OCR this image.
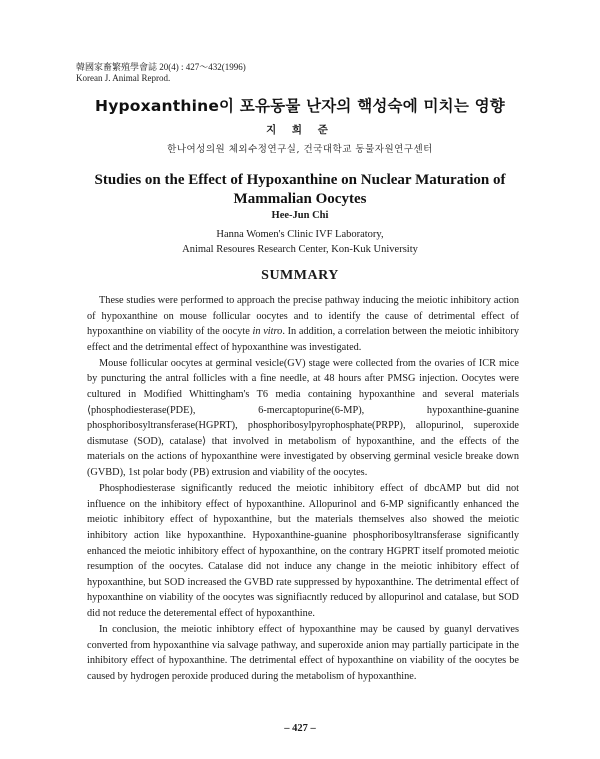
韓國家畜繁殖學會誌 20(4) : 427～432(1996)
Korean J. Animal Reprod.
Hypoxanthine이 포유동물 난자의 핵성숙에 미치는 영향
지 희 준
한나여성의원 체외수정연구실, 건국대학교 동물자원연구센터
Studies on the Effect of Hypoxanthine on Nuclear Maturation of Mammalian Oocytes
Hee-Jun Chi
Hanna Women's Clinic IVF Laboratory,
Animal Resoures Research Center, Kon-Kuk University
SUMMARY

These studies were performed to approach the precise pathway inducing the meiotic inhibitory action of hypoxanthine on mouse follicular oocytes and to identify the cause of detrimental effect of hypoxanthine on viability of the oocyte in vitro. In addition, a correlation between the meiotic inhibitory effect and the detrimental effect of hypoxanthine was investigated.

Mouse follicular oocytes at germinal vesicle(GV) stage were collected from the ovaries of ICR mice by puncturing the antral follicles with a fine needle, at 48 hours after PMSG injection. Oocytes were cultured in Modified Whittingham's T6 media containing hypoxanthine and several materials ⟨phosphodiesterase(PDE), 6-mercaptopurine(6-MP), hypoxanthine-guanine phosphoribosyltransferase(HGPRT), phosphoribosylpyrophosphate(PRPP), allopurinol, superoxide dismutase (SOD), catalase⟩ that involved in metabolism of hypoxanthine, and the effects of the materials on the actions of hypoxanthine were investigated by observing germinal vesicle breake down (GVBD), 1st polar body (PB) extrusion and viability of the oocytes.

Phosphodiesterase significantly reduced the meiotic inhibitory effect of dbcAMP but did not influence on the inhibitory effect of hypoxanthine. Allopurinol and 6-MP significantly enhanced the meiotic inhibitory effect of hypoxanthine, but the materials themselves also showed the meiotic inhibitory action like hypoxanthine. Hypoxanthine-guanine phosphoribosyltransferase significantly enhanced the meiotic inhibitory effect of hypoxanthine, on the contrary HGPRT itself promoted meiotic resumption of the oocytes. Catalase did not induce any change in the meiotic inhibitory effect of hypoxanthine, but SOD increased the GVBD rate suppressed by hypoxanthine. The detrimental effect of hypoxanthine on viability of the oocytes was signifiacntly reduced by allopurinol and catalase, but SOD did not reduce the deteremental effect of hypoxanthine.

In conclusion, the meiotic inhibtory effect of hypoxanthine may be caused by guanyl dervatives converted from hypoxanthine via salvage pathway, and superoxide anion may partially participate in the inhibitory effect of hypoxanthine. The detrimental effect of hypoxanthine on viability of the oocytes be caused by hydrogen peroxide produced during the metabolism of hypoxanthine.

– 427 –
